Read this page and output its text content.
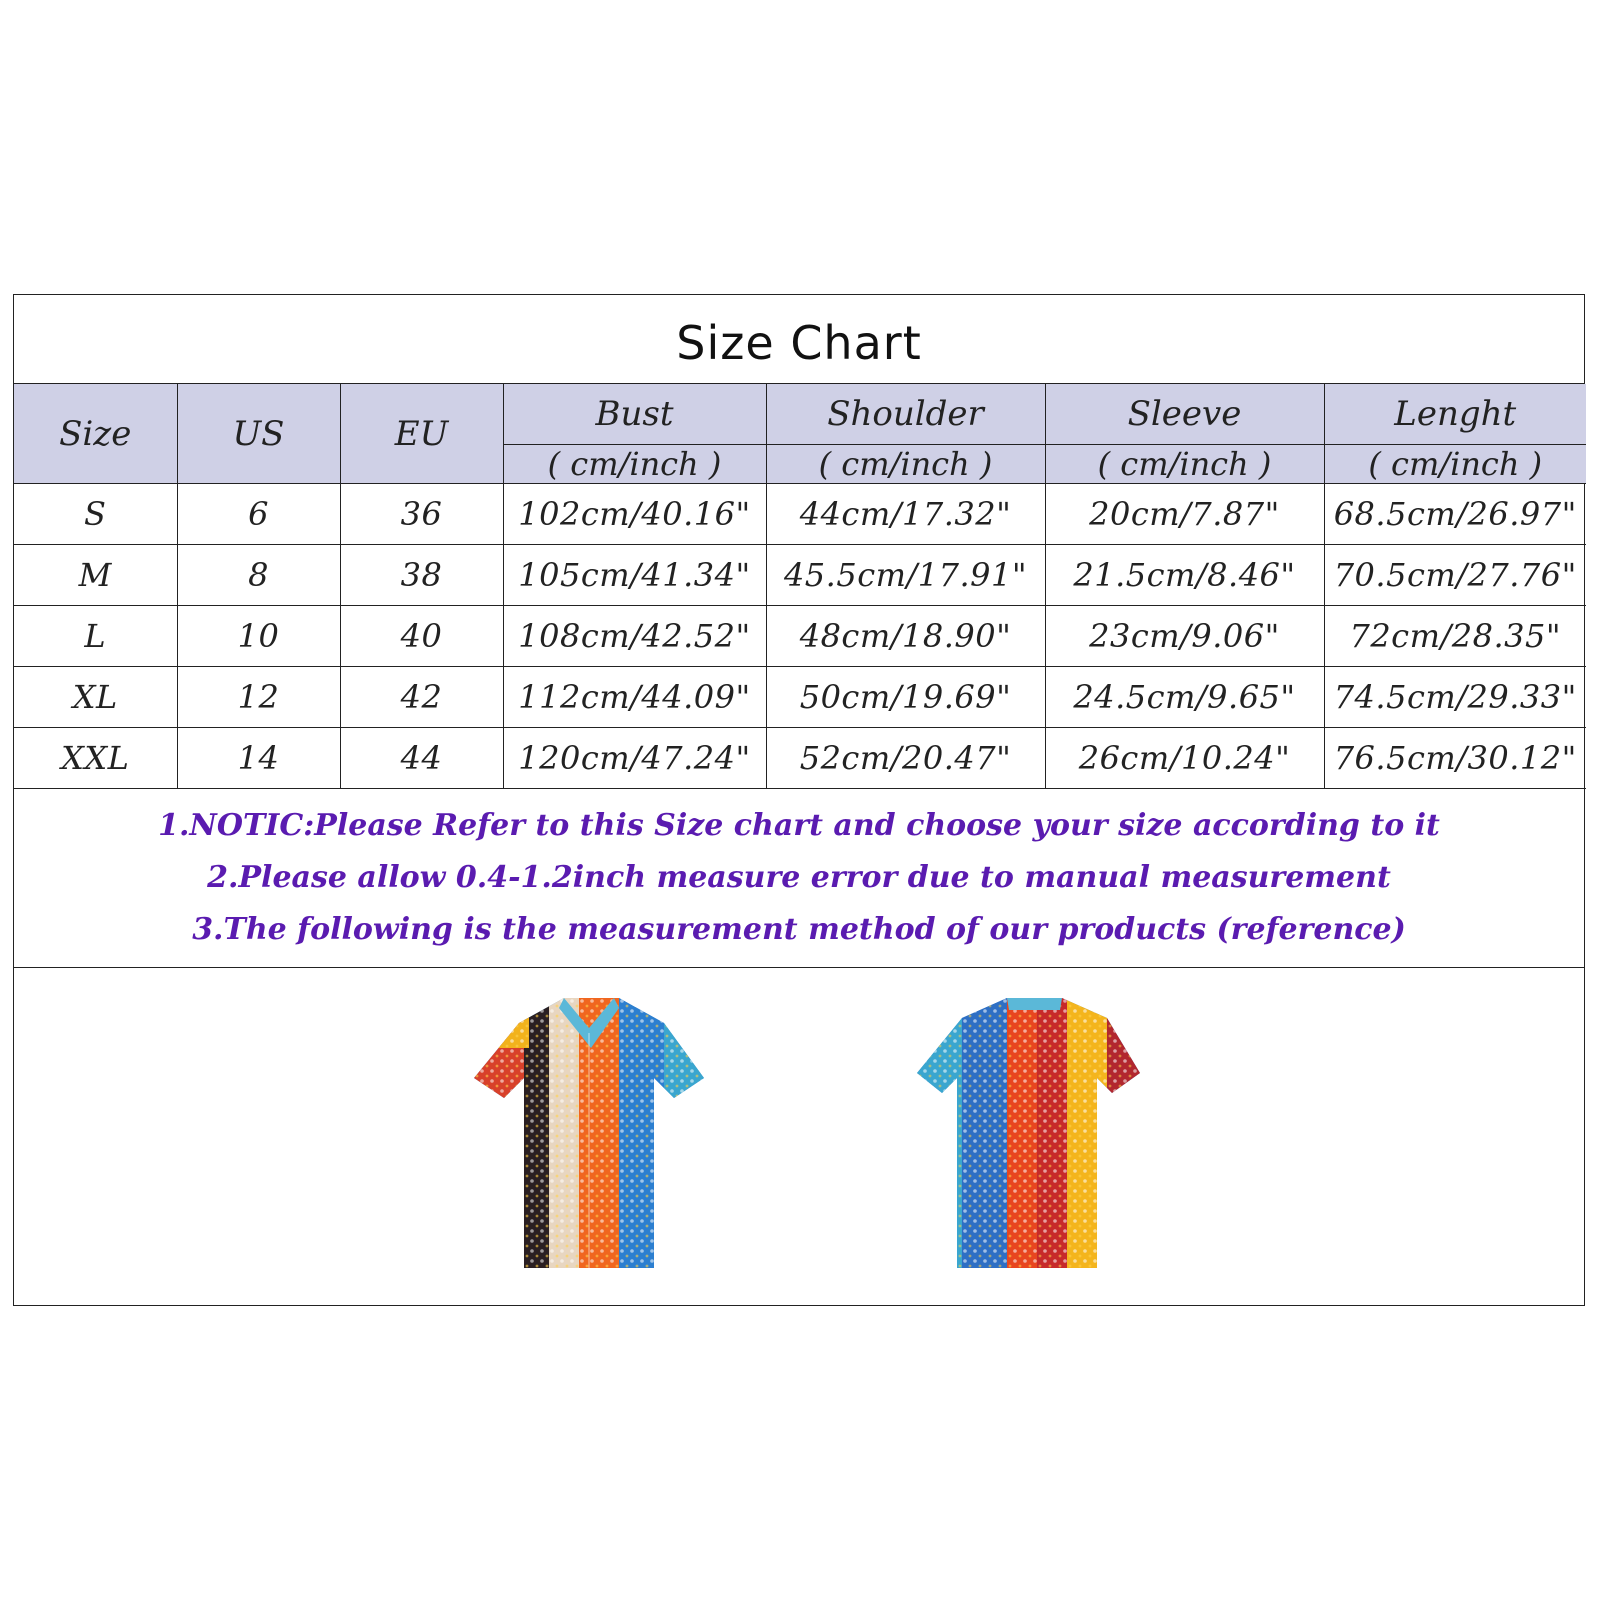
Size Chart
Size	US	EU	Bust	Shoulder	Sleeve	Lenght
			( cm/inch )	( cm/inch )	( cm/inch )	( cm/inch )
S	6	36	102cm/40.16"	44cm/17.32"	20cm/7.87"	68.5cm/26.97"
M	8	38	105cm/41.34"	45.5cm/17.91"	21.5cm/8.46"	70.5cm/27.76"
L	10	40	108cm/42.52"	48cm/18.90"	23cm/9.06"	72cm/28.35"
XL	12	42	112cm/44.09"	50cm/19.69"	24.5cm/9.65"	74.5cm/29.33"
XXL	14	44	120cm/47.24"	52cm/20.47"	26cm/10.24"	76.5cm/30.12"
1.NOTIC:Please Refer to this Size chart and choose your size according to it
2.Please allow 0.4-1.2inch measure error due to manual measurement
3.The following is the measurement method of our products (reference)
